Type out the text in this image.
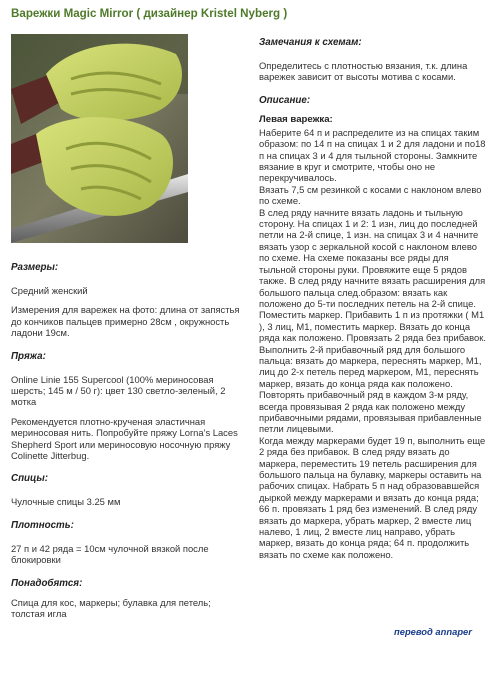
Варежки Magic Mirror ( дизайнер Kristel Nyberg )
Размеры:
Средний женский
Измерения для варежек на фото: длина от запястья до кончиков пальцев примерно 28см , окружность ладони 19см.
Пряжа:
Online Linie 155 Supercool (100% мериносовая шерсть; 145 м / 50 г): цвет 130 светло-зеленый, 2 мотка
Рекомендуется плотно-крученая эластичная мериносовая нить. Попробуйте пряжу Lorna’s Laces Shepherd Sport или мериносовую носочную пряжу Colinette Jitterbug.
Спицы:
Чулочные спицы 3.25 мм
Плотность:
27 п и 42 ряда = 10см чулочной вязкой после блокировки
Понадобятся:
Спица для кос, маркеры; булавка для петель; толстая игла
Замечания к схемам:
Определитесь с плотностью вязания, т.к. длина варежек зависит от высоты мотива с косами.
Описание:
Левая варежка:
Наберите 64 п и распределите из на спицах таким образом: по 14 п на спицах 1 и 2 для ладони и по18 п на спицах 3 и 4 для тыльной стороны. Замкните вязание в круг и смотрите, чтобы оно не перекручивалось.
Вязать 7,5 см резинкой с косами с наклоном влево по схеме.
В след ряду начните вязать ладонь и тыльную сторону. На спицах 1 и 2: 1 изн, лиц до последней петли на 2-й спице, 1 изн. на спицах 3 и 4 начните вязать узор с зеркальной косой с наклоном влево по схеме. На схеме показаны все ряды для тыльной стороны руки. Провяжите еще 5 рядов также. В след ряду начните вязать расширения для большого пальца след.образом: вязать как положено до 5-ти последних петель на 2-й спице. Поместить маркер. Прибавить 1 п из протяжки ( М1 ), 3 лиц, М1, поместить маркер. Вязать до конца ряда как положено. Провязать 2 ряда без прибавок. Выполнить 2-й прибавочный ряд для большого пальца: вязать до маркера, переснять маркер, М1, лиц до 2-х петель перед маркером, М1, переснять маркер, вязать до конца ряда как положено.
Повторять прибавочный ряд в каждом 3-м ряду, всегда провязывая 2 ряда как положено между прибавочными рядами, провязывая прибавленные петли лицевыми.
Когда между маркерами будет 19 п, выполнить еще 2 ряда без прибавок. В след ряду вязать до маркера, переместить 19 петель расширения для большого пальца на булавку, маркеры оставить на рабочих спицах. Набрать 5 п над образовавшейся дыркой между маркерами и вязать до конца ряда; 66 п. провязать 1 ряд без изменений. В след ряду вязать до маркера, убрать маркер, 2 вместе лиц налево, 1 лиц, 2 вместе лиц направо, убрать маркер, вязать до конца ряда; 64 п. продолжить вязать по схеме как положено.
перевод annaper
